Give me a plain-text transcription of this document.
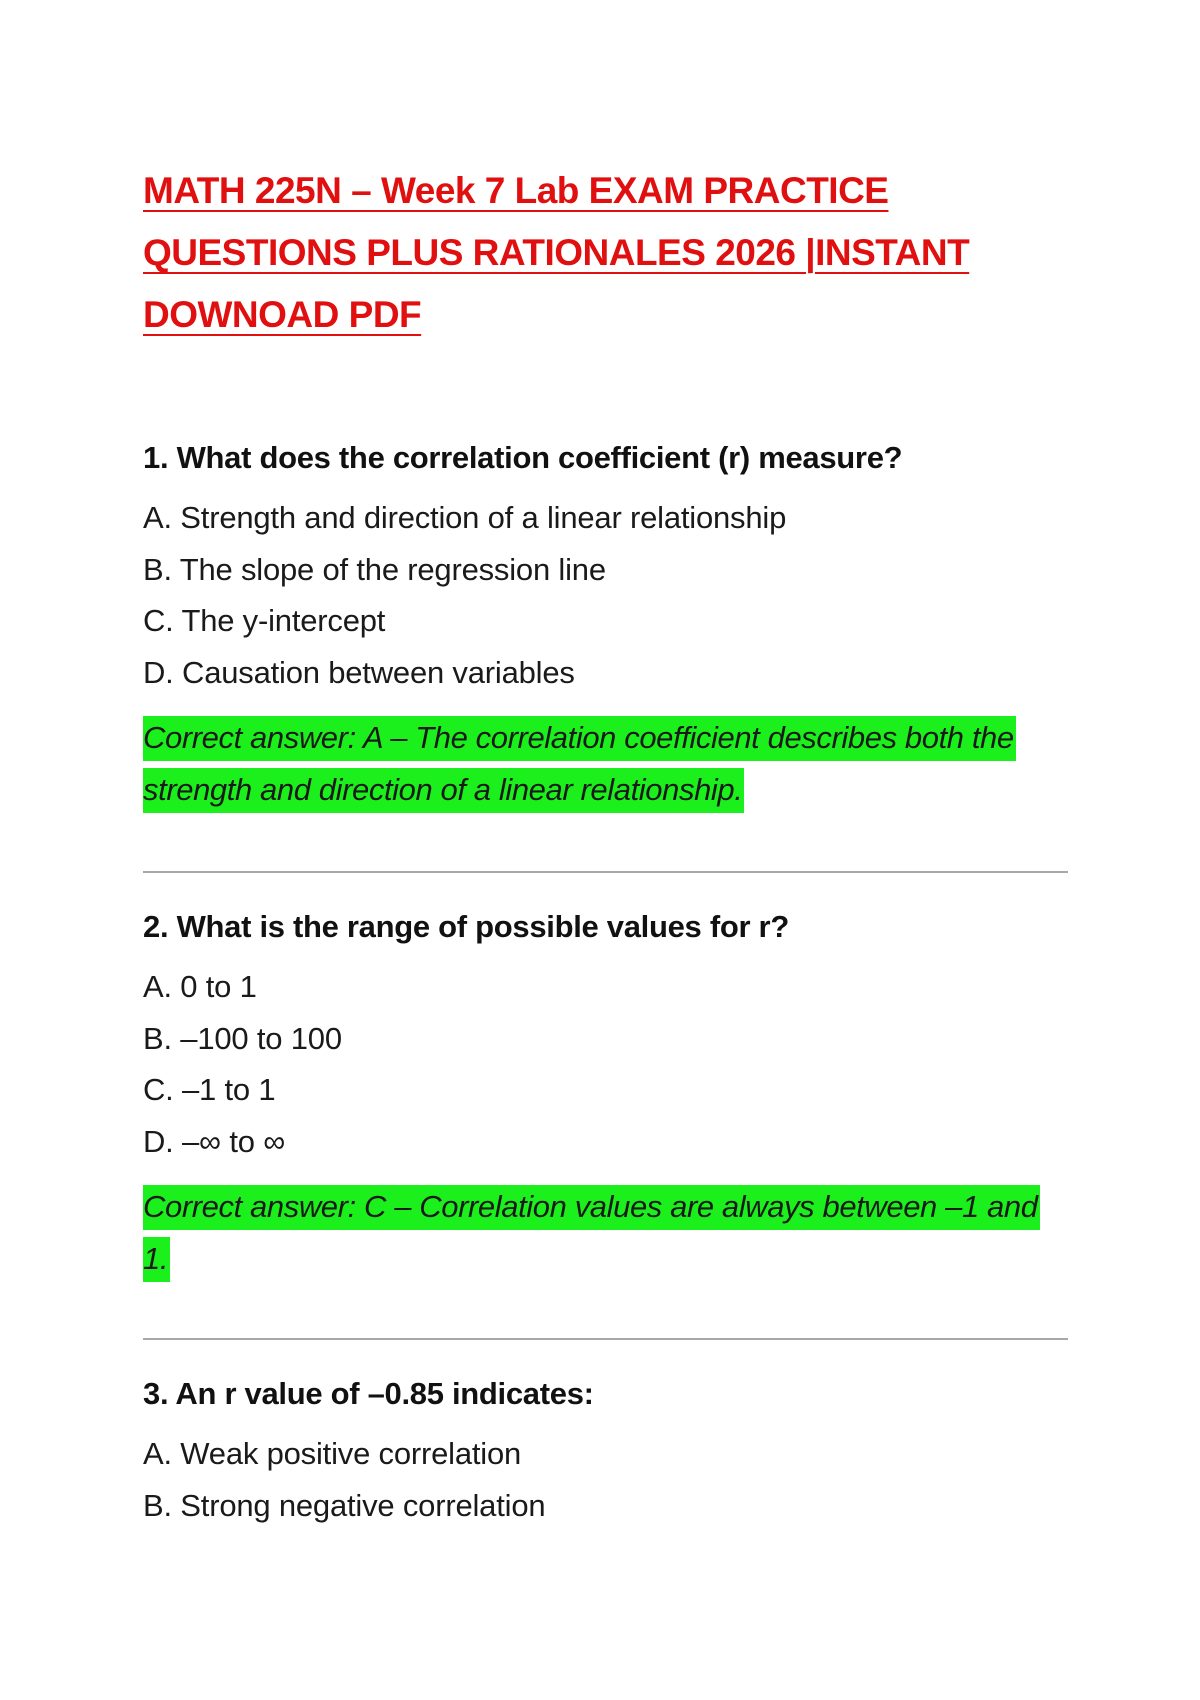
MATH 225N – Week 7 Lab EXAM PRACTICE QUESTIONS PLUS RATIONALES 2026 |INSTANT DOWNOAD PDF
1. What does the correlation coefficient (r) measure?
A. Strength and direction of a linear relationship
B. The slope of the regression line
C. The y-intercept
D. Causation between variables

Correct answer: A – The correlation coefficient describes both the strength and direction of a linear relationship.

2. What is the range of possible values for r?
A. 0 to 1
B. –100 to 100
C. –1 to 1
D. –∞ to ∞

Correct answer: C – Correlation values are always between –1 and 1.

3. An r value of –0.85 indicates:
A. Weak positive correlation
B. Strong negative correlation
